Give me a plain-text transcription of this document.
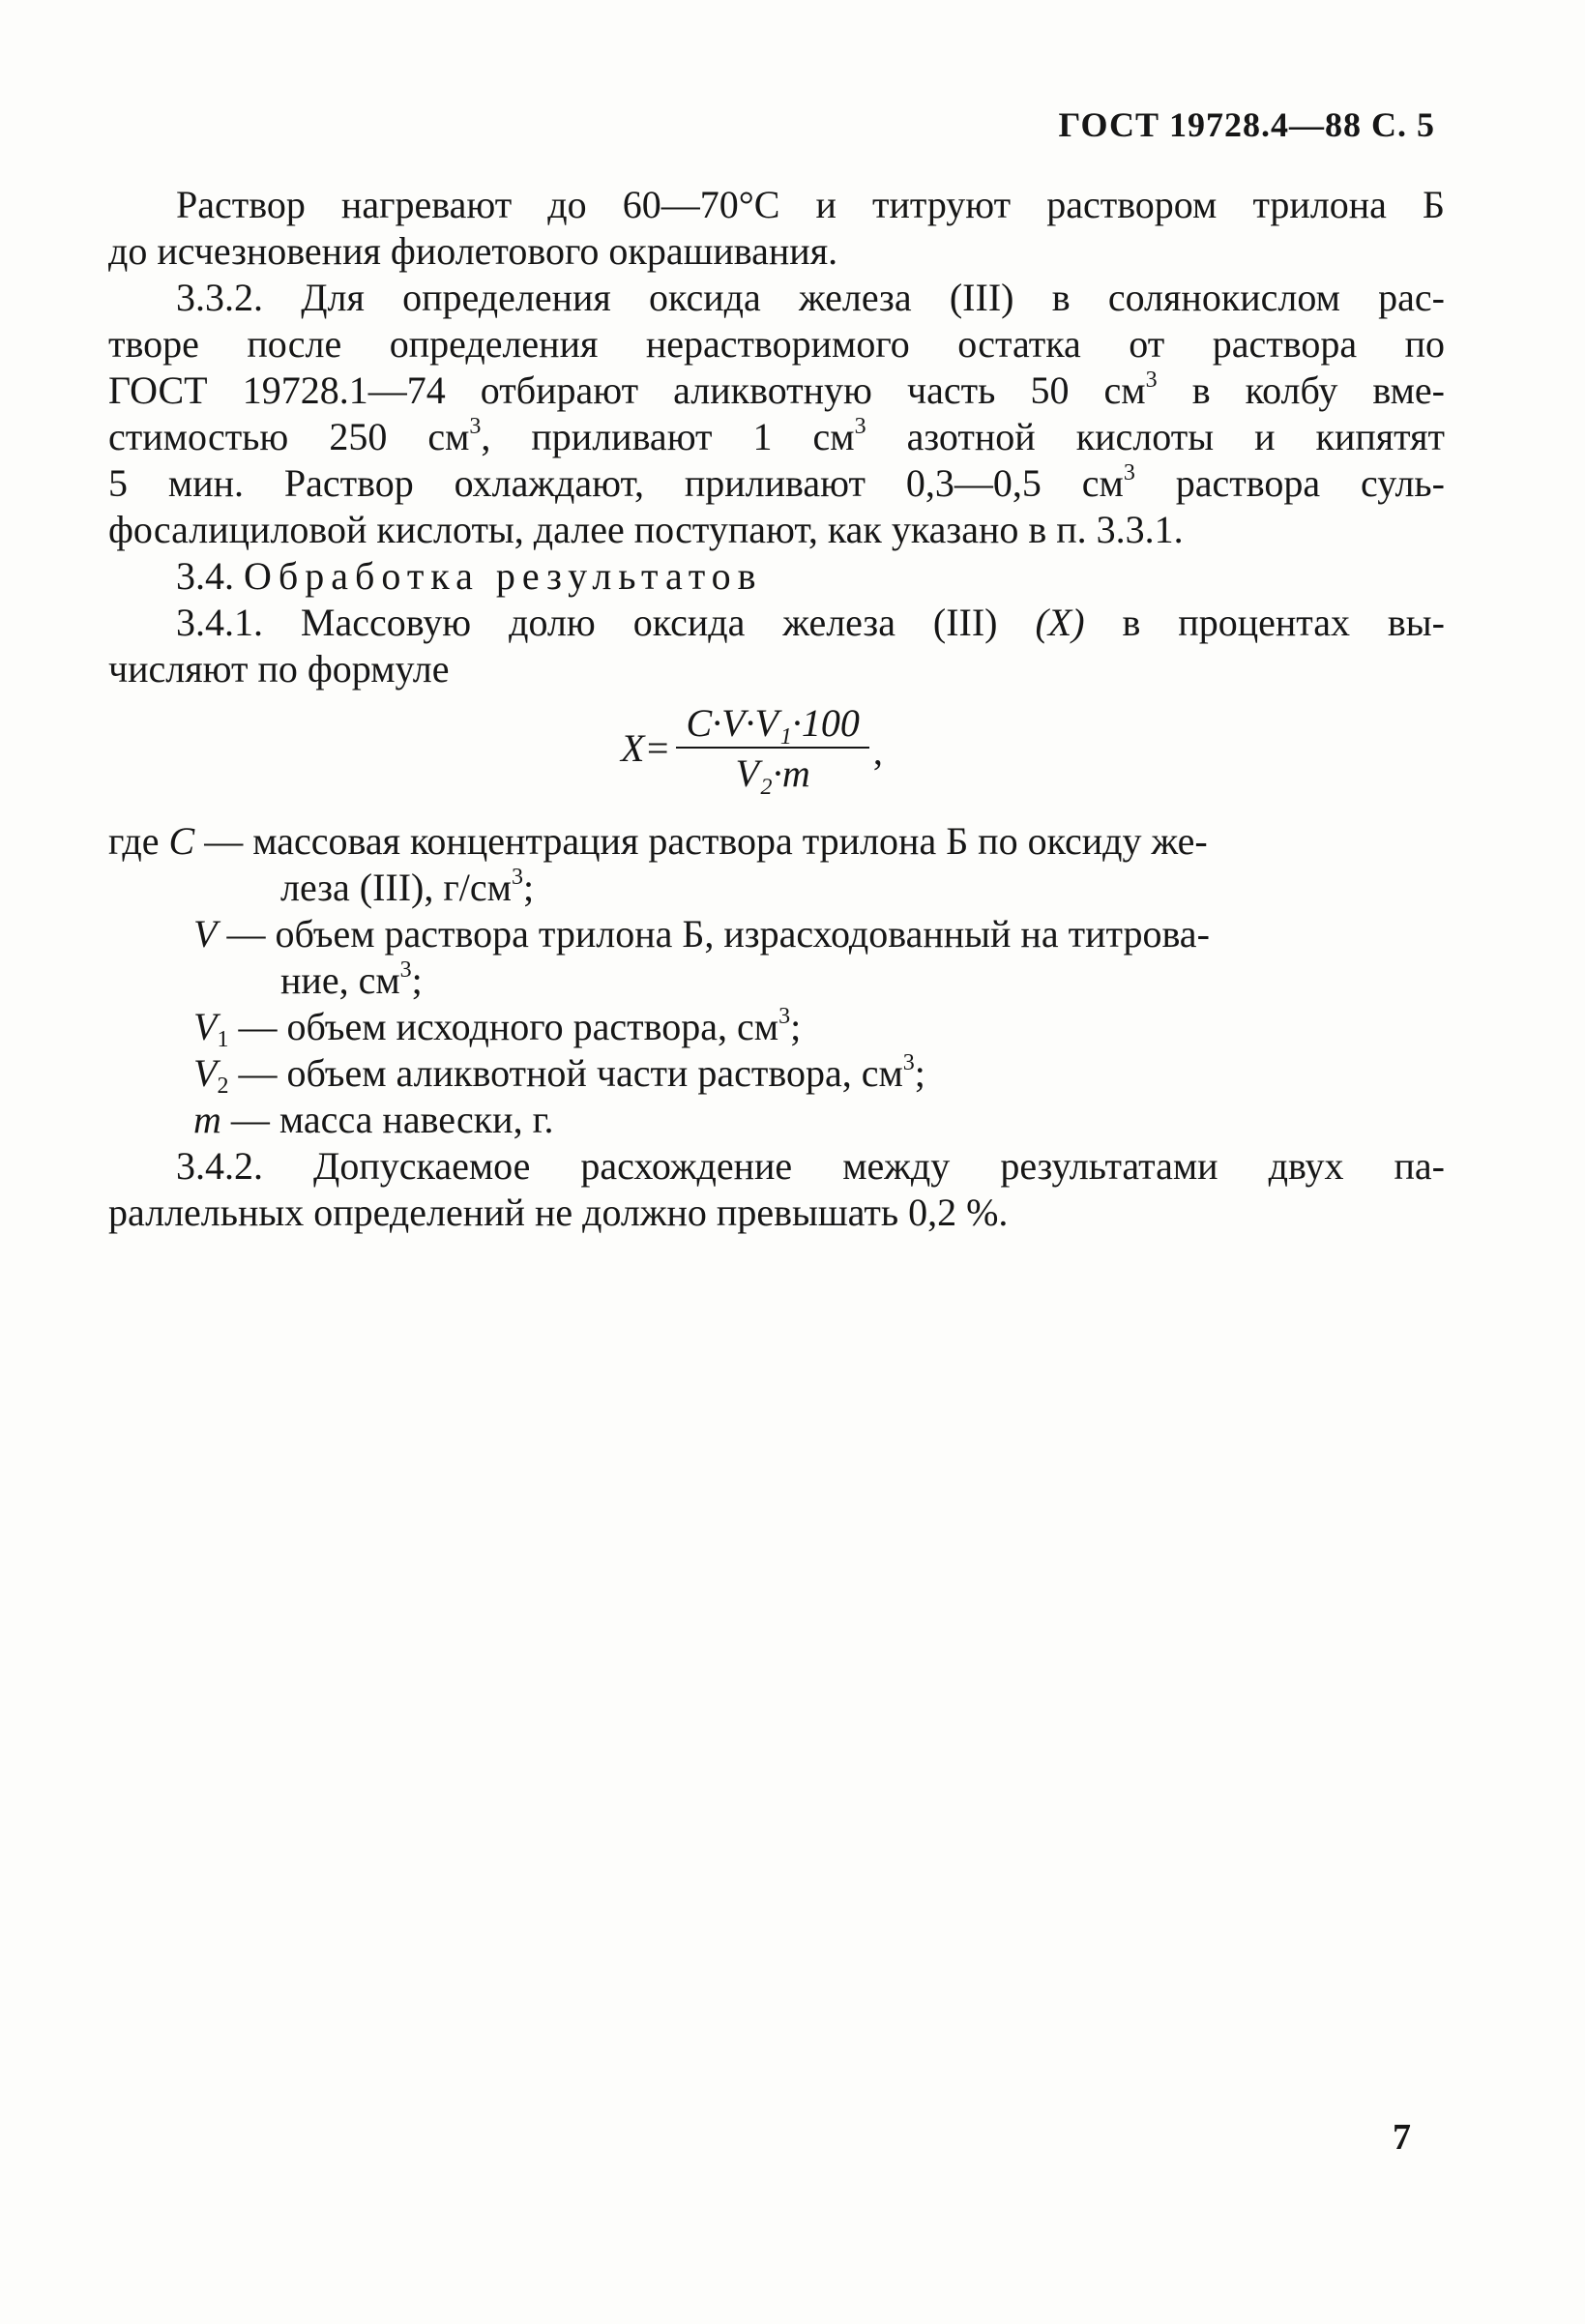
ГОСТ 19728.4—88 С. 5
Раствор нагревают до 60—70°С и титруют раствором трилона Б
до исчезновения фиолетового окрашивания.
3.3.2. Для определения оксида железа (III) в солянокислом рас-
творе после определения нерастворимого остатка от раствора по
ГОСТ 19728.1—74 отбирают аликвотную часть 50 $см^3$ в колбу вме-
стимостью 250 $см^3$, приливают 1 $см^3$ азотной кислоты и кипятят
5 мин. Раствор охлаждают, приливают 0,3—0,5 $см^3$ раствора суль-
фосалициловой кислоты, далее поступают, как указано в п. 3.3.1.
3.4. Обработка результатов
3.4.1. Массовую долю оксида железа (III) (X) в процентах вы-
числяют по формуле
$X= \frac{\text{C·V·V₁·100}}{\text{V₂·m}}$ ,
где C — массовая концентрация раствора трилона Б по оксиду же-
леза (III), $г/см^3$;
V — объем раствора трилона Б, израсходованный на титрова-
ние, $см^3$;
$V_1$ — объем исходного раствора, $см^3$;
$V_2$ — объем аликвотной части раствора, $см^3$;
m — масса навески, г.
3.4.2. Допускаемое расхождение между результатами двух па-
раллельных определений не должно превышать 0,2 %.
7
